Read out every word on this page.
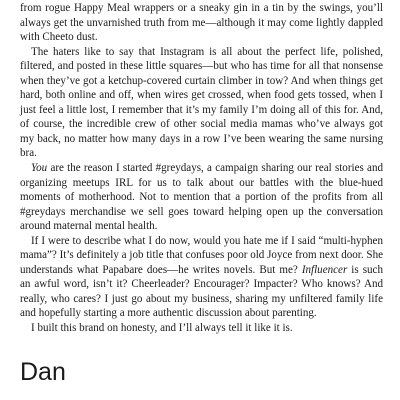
from rogue Happy Meal wrappers or a sneaky gin in a tin by the swings, you’ll always get the unvarnished truth from me—although it may come lightly dappled with Cheeto dust.

The haters like to say that Instagram is all about the perfect life, polished, filtered, and posted in these little squares—but who has time for all that nonsense when they’ve got a ketchup-covered curtain climber in tow? And when things get hard, both online and off, when wires get crossed, when food gets tossed, when I just feel a little lost, I remember that it’s my family I’m doing all of this for. And, of course, the incredible crew of other social media mamas who’ve always got my back, no matter how many days in a row I’ve been wearing the same nursing bra.

You are the reason I started #greydays, a campaign sharing our real stories and organizing meetups IRL for us to talk about our battles with the blue-hued moments of motherhood. Not to mention that a portion of the profits from all #greydays merchandise we sell goes toward helping open up the conversation around maternal mental health.

If I were to describe what I do now, would you hate me if I said “multi-hyphen mama”? It’s definitely a job title that confuses poor old Joyce from next door. She understands what Papabare does—he writes novels. But me? Influencer is such an awful word, isn’t it? Cheerleader? Encourager? Impacter? Who knows? And really, who cares? I just go about my business, sharing my unfiltered family life and hopefully starting a more authentic discussion about parenting.

I built this brand on honesty, and I’ll always tell it like it is.

Dan
